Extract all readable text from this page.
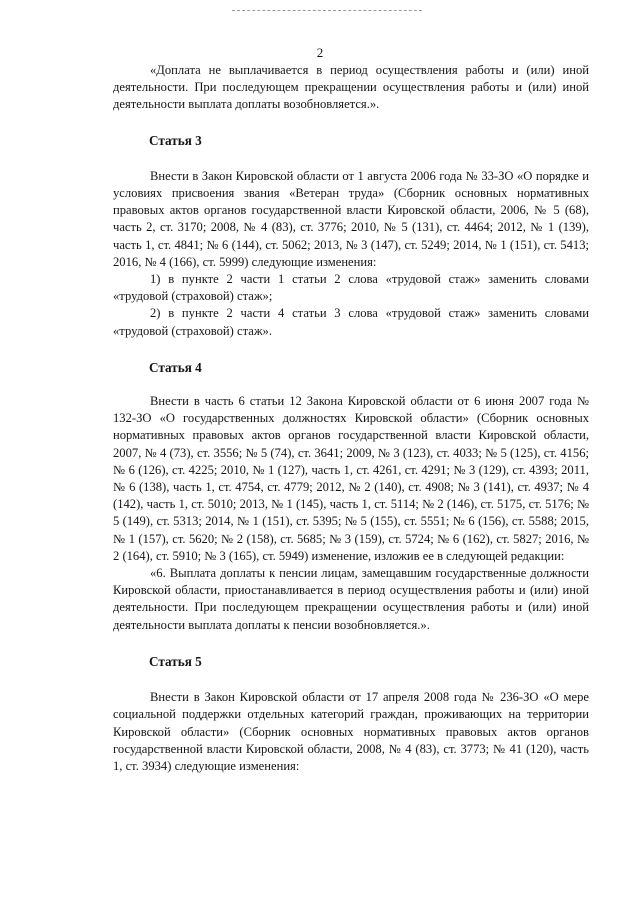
2

«Доплата не выплачивается в период осуществления работы и (или) иной деятельности. При последующем прекращении осуществления работы и (или) иной деятельности выплата доплаты возобновляется.».

Статья 3

Внести в Закон Кировской области от 1 августа 2006 года № 33-ЗО «О порядке и условиях присвоения звания «Ветеран труда» (Сборник основных нормативных правовых актов органов государственной власти Кировской области, 2006, № 5 (68), часть 2, ст. 3170; 2008, № 4 (83), ст. 3776; 2010, № 5 (131), ст. 4464; 2012, № 1 (139), часть 1, ст. 4841; № 6 (144), ст. 5062; 2013, № 3 (147), ст. 5249; 2014, № 1 (151), ст. 5413; 2016, № 4 (166), ст. 5999) следующие изменения:

1) в пункте 2 части 1 статьи 2 слова «трудовой стаж» заменить словами «трудовой (страховой) стаж»;

2) в пункте 2 части 4 статьи 3 слова «трудовой стаж» заменить словами «трудовой (страховой) стаж».

Статья 4

Внести в часть 6 статьи 12 Закона Кировской области от 6 июня 2007 года № 132-ЗО «О государственных должностях Кировской области» (Сборник основных нормативных правовых актов органов государственной власти Кировской области, 2007, № 4 (73), ст. 3556; № 5 (74), ст. 3641; 2009, № 3 (123), ст. 4033; № 5 (125), ст. 4156; № 6 (126), ст. 4225; 2010, № 1 (127), часть 1, ст. 4261, ст. 4291; № 3 (129), ст. 4393; 2011, № 6 (138), часть 1, ст. 4754, ст. 4779; 2012, № 2 (140), ст. 4908; № 3 (141), ст. 4937; № 4 (142), часть 1, ст. 5010; 2013, № 1 (145), часть 1, ст. 5114; № 2 (146), ст. 5175, ст. 5176; № 5 (149), ст. 5313; 2014, № 1 (151), ст. 5395; № 5 (155), ст. 5551; № 6 (156), ст. 5588; 2015, № 1 (157), ст. 5620; № 2 (158), ст. 5685; № 3 (159), ст. 5724; № 6 (162), ст. 5827; 2016, № 2 (164), ст. 5910; № 3 (165), ст. 5949) изменение, изложив ее в следующей редакции:

«6. Выплата доплаты к пенсии лицам, замещавшим государственные должности Кировской области, приостанавливается в период осуществления работы и (или) иной деятельности. При последующем прекращении осуществления работы и (или) иной деятельности выплата доплаты к пенсии возобновляется.».

Статья 5

Внести в Закон Кировской области от 17 апреля 2008 года № 236-ЗО «О мере социальной поддержки отдельных категорий граждан, проживающих на территории Кировской области» (Сборник основных нормативных правовых актов органов государственной власти Кировской области, 2008, № 4 (83), ст. 3773; № 41 (120), часть 1, ст. 3934) следующие изменения:
